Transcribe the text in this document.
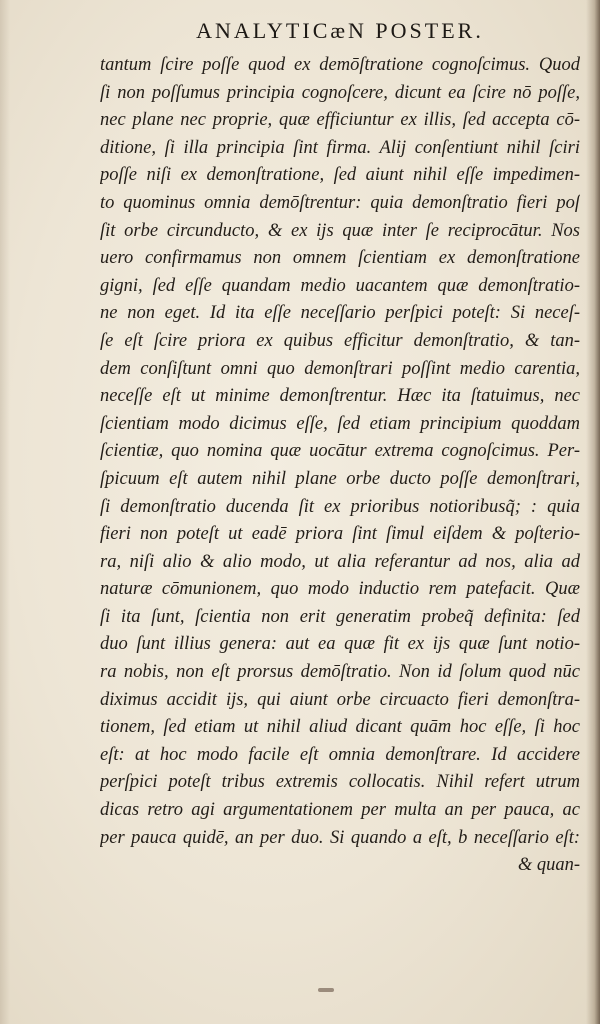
ANALYTICæN POSTER.
tantum ſcire poſſe quod ex demōſtratione cognoſcimus. Quod
ſi non poſſumus principia cognoſcere, dicunt ea ſcire nō poſſe,
nec plane nec proprie, quæ efficiuntur ex illis, ſed accepta cō-
ditione, ſi illa principia ſint firma. Alij conſentiunt nihil ſciri
poſſe niſi ex demonſtratione, ſed aiunt nihil eſſe impedimen-
to quominus omnia demōſtrentur: quia demonſtratio fieri poſ
ſit orbe circunducto, & ex ijs quæ inter ſe reciprocātur. Nos
uero confirmamus non omnem ſcientiam ex demonſtratione
gigni, ſed eſſe quandam medio uacantem quæ demonſtratio-
ne non eget. Id ita eſſe neceſſario perſpici poteſt: Si neceſ-
ſe eſt ſcire priora ex quibus efficitur demonſtratio, & tan-
dem conſiſtunt omni quo demonſtrari poſſint medio carentia,
neceſſe eſt ut minime demonſtrentur. Hæc ita ſtatuimus, nec
ſcientiam modo dicimus eſſe, ſed etiam principium quoddam
ſcientiæ, quo nomina quæ uocātur extrema cognoſcimus. Per-
ſpicuum eſt autem nihil plane orbe ducto poſſe demonſtrari,
ſi demonſtratio ducenda ſit ex prioribus notioribusq̃; : quia
fieri non poteſt ut eadē priora ſint ſimul eiſdem & poſterio-
ra, niſi alio & alio modo, ut alia referantur ad nos, alia ad
naturæ cōmunionem, quo modo inductio rem patefacit. Quæ
ſi ita ſunt, ſcientia non erit generatim probeq̃ definita: ſed
duo ſunt illius genera: aut ea quæ fit ex ijs quæ ſunt notio-
ra nobis, non eſt prorsus demōſtratio. Non id ſolum quod nūc
diximus accidit ijs, qui aiunt orbe circuacto fieri demonſtra-
tionem, ſed etiam ut nihil aliud dicant quām hoc eſſe, ſi hoc
eſt: at hoc modo facile eſt omnia demonſtrare. Id accidere
perſpici poteſt tribus extremis collocatis. Nihil refert utrum
dicas retro agi argumentationem per multa an per pauca, ac
per pauca quidē, an per duo. Si quando a eſt, b neceſſario eſt:
& quan-
